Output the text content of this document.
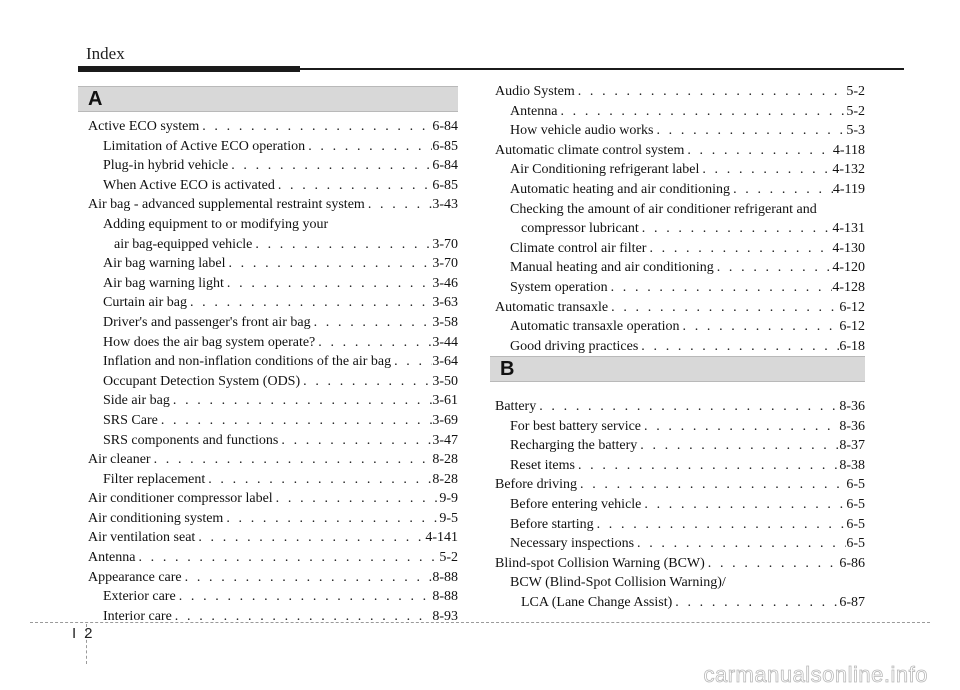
Index
A
Active ECO system . . .	6-84
Limitation of Active ECO operation . . .	6-85
Plug-in hybrid vehicle . . .	6-84
When Active ECO is activated . . .	6-85
Air bag - advanced supplemental restraint system . . .	3-43
Adding equipment to or modifying your
air bag-equipped vehicle . . .	3-70
Air bag warning label . . .	3-70
Air bag warning light . . .	3-46
Curtain air bag . . .	3-63
Driver's and passenger's front air bag . . .	3-58
How does the air bag system operate? . . .	3-44
Inflation and non-inflation conditions of the air bag . . .	3-64
Occupant Detection System (ODS) . . .	3-50
Side air bag . . .	3-61
SRS Care . . .	3-69
SRS components and functions . . .	3-47
Air cleaner . . .	8-28
Filter replacement . . .	8-28
Air conditioner compressor label . . .	9-9
Air conditioning system . . .	9-5
Air ventilation seat . . .	4-141
Antenna . . .	5-2
Appearance care . . .	8-88
Exterior care . . .	8-88
Interior care . . .	8-93
Audio System . . .	5-2
Antenna . . .	5-2
How vehicle audio works . . .	5-3
Automatic climate control system . . .	4-118
Air Conditioning refrigerant label . . .	4-132
Automatic heating and air conditioning . . .	4-119
Checking the amount of air conditioner refrigerant and
compressor lubricant . . .	4-131
Climate control air filter . . .	4-130
Manual heating and air conditioning . . .	4-120
System operation . . .	4-128
Automatic transaxle . . .	6-12
Automatic transaxle operation . . .	6-12
Good driving practices . . .	6-18
B
Battery . . .	8-36
For best battery service . . .	8-36
Recharging the battery . . .	8-37
Reset items . . .	8-38
Before driving . . .	6-5
Before entering vehicle . . .	6-5
Before starting . . .	6-5
Necessary inspections . . .	6-5
Blind-spot Collision Warning (BCW) . . .	6-86
BCW (Blind-Spot Collision Warning)/
LCA (Lane Change Assist) . . .	6-87
I 2
carmanualsonline.info
